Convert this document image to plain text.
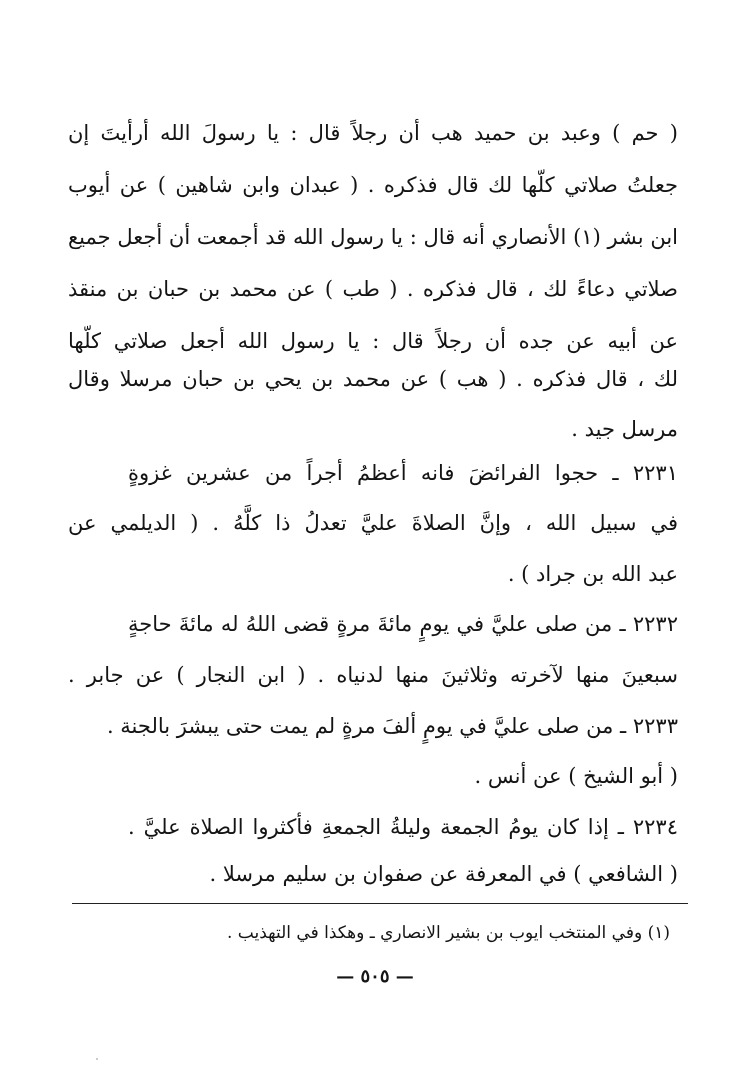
( حم ) وعبد بن حميد هب أن رجلاً قال : يا رسولَ الله أرأيتَ إن
جعلتُ صلاتي كلّها لك قال فذكره . ( عبدان وابن شاهين ) عن أيوب
ابن بشر (١) الأنصاري أنه قال : يا رسول الله قد أجمعت أن أجعل جميع
صلاتي دعاءً لك ، قال فذكره . ( طب ) عن محمد بن حبان بن منقذ
عن أبيه عن جده أن رجلاً قال : يا رسول الله أجعل صلاتي كلّها
لك ، قال فذكره . ( هب ) عن محمد بن يحي بن حبان مرسلا وقال
مرسل جيد .
٢٢٣١ ـ حجوا الفرائضَ فانه أعظمُ أجراً من عشرين غزوةٍ
في سبيل الله ، وإنَّ الصلاةَ عليَّ تعدلُ ذا كلَّهُ . ( الديلمي عن
عبد الله بن جراد ) .
٢٢٣٢ ـ من صلى عليَّ في يومٍ مائةَ مرةٍ قضى اللهُ له مائةَ حاجةٍ
سبعينَ منها لآخرته وثلاثينَ منها لدنياه . ( ابن النجار ) عن جابر .
٢٢٣٣ ـ من صلى عليَّ في يومٍ ألفَ مرةٍ لم يمت حتى يبشرَ بالجنة .
( أبو الشيخ ) عن أنس .
٢٢٣٤ ـ إذا كان يومُ الجمعة وليلةُ الجمعةِ فأكثروا الصلاة عليَّ .
( الشافعي ) في المعرفة عن صفوان بن سليم مرسلا .
(١) وفي المنتخب ايوب بن بشير الانصاري ـ وهكذا في التهذيب .
— ٥٠٥ —
